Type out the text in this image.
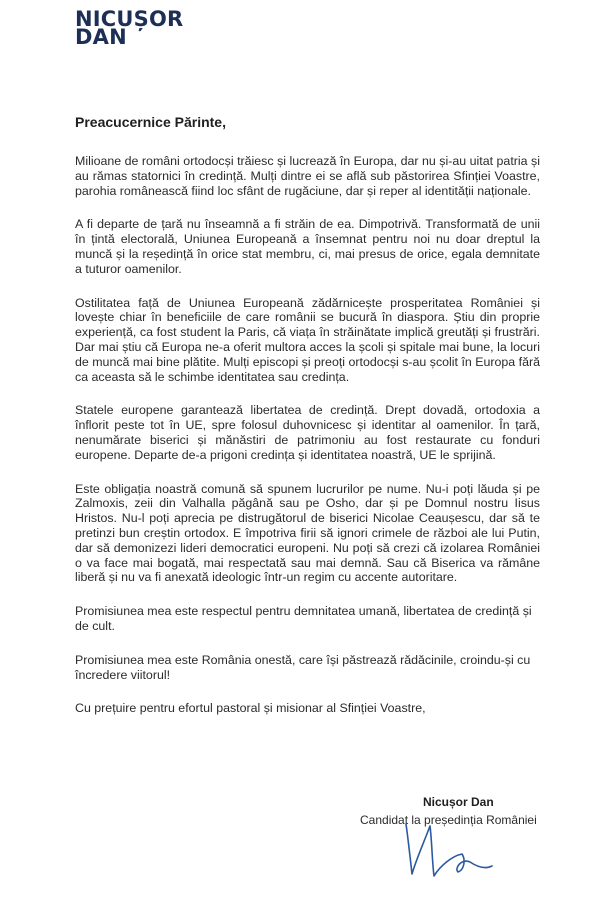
NICUȘOR
DAN
Preacucernice Părinte,

Milioane de români ortodocși trăiesc și lucrează în Europa, dar nu și-au uitat patria și au rămas statornici în credință. Mulți dintre ei se află sub păstorirea Sfinției Voastre, parohia românească fiind loc sfânt de rugăciune, dar și reper al identității naționale.

A fi departe de țară nu înseamnă a fi străin de ea. Dimpotrivă. Transformată de unii în țintă electorală, Uniunea Europeană a însemnat pentru noi nu doar dreptul la muncă și la reședință în orice stat membru, ci, mai presus de orice, egala demnitate a tuturor oamenilor.

Ostilitatea față de Uniunea Europeană zădărnicește prosperitatea României și lovește chiar în beneficiile de care românii se bucură în diaspora. Știu din proprie experiență, ca fost student la Paris, că viața în străinătate implică greutăți și frustrări. Dar mai știu că Europa ne-a oferit multora acces la școli și spitale mai bune, la locuri de muncă mai bine plătite. Mulți episcopi și preoți ortodocși s-au școlit în Europa fără ca aceasta să le schimbe identitatea sau credința.

Statele europene garantează libertatea de credință. Drept dovadă, ortodoxia a înflorit peste tot în UE, spre folosul duhovnicesc și identitar al oamenilor. În țară, nenumărate biserici și mănăstiri de patrimoniu au fost restaurate cu fonduri europene. Departe de-a prigoni credința și identitatea noastră, UE le sprijină.

Este obligația noastră comună să spunem lucrurilor pe nume. Nu-i poți lăuda și pe Zalmoxis, zeii din Valhalla păgână sau pe Osho, dar și pe Domnul nostru Iisus Hristos. Nu-l poți aprecia pe distrugătorul de biserici Nicolae Ceaușescu, dar să te pretinzi bun creștin ortodox. E împotriva firii să ignori crimele de război ale lui Putin, dar să demonizezi lideri democratici europeni. Nu poți să crezi că izolarea României o va face mai bogată, mai respectată sau mai demnă. Sau că Biserica va rămâne liberă și nu va fi anexată ideologic într-un regim cu accente autoritare.

Promisiunea mea este respectul pentru demnitatea umană, libertatea de credință și de cult.

Promisiunea mea este România onestă, care își păstrează rădăcinile, croindu-și cu încredere viitorul!

Cu prețuire pentru efortul pastoral și misionar al Sfinției Voastre,

Nicușor Dan
Candidat la președinția României
